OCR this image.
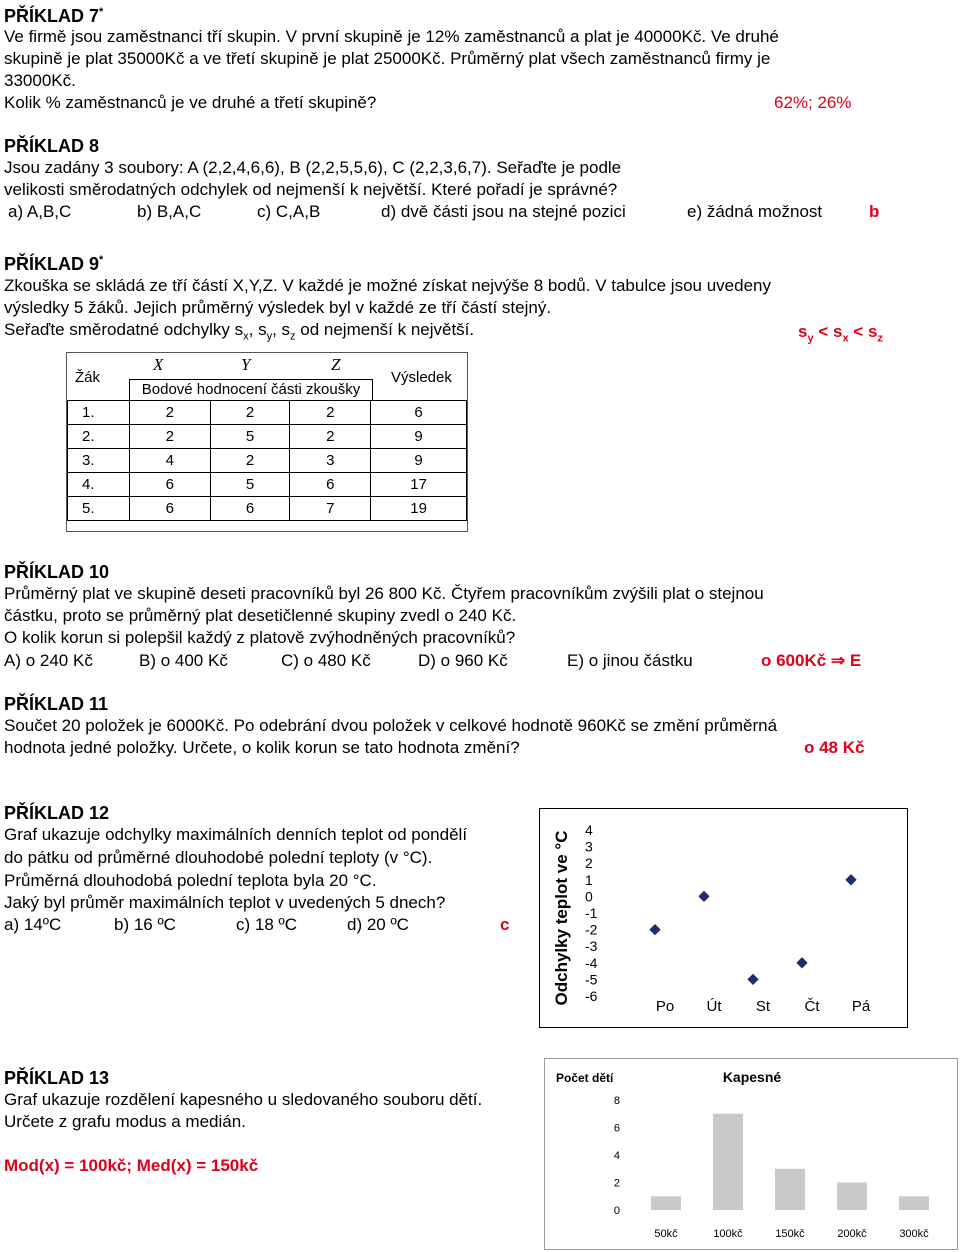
PŘÍKLAD 7*
Ve firmě jsou zaměstnanci tří skupin. V první skupině je 12% zaměstnanců a plat je 40000Kč. Ve druhé
skupině je plat 35000Kč a ve třetí skupině je plat 25000Kč. Průměrný plat všech zaměstnanců firmy je
33000Kč.
Kolik % zaměstnanců je ve druhé a třetí skupině?	62%; 26%
PŘÍKLAD 8
Jsou zadány 3 soubory: A (2,2,4,6,6), B (2,2,5,5,6), C (2,2,3,6,7). Seřaďte je podle
velikosti směrodatných odchylek od nejmenší k největší. Které pořadí je správné?
a) A,B,C	b) B,A,C	c) C,A,B	d) dvě části jsou na stejné pozici	e) žádná možnost	b
PŘÍKLAD 9*
Zkouška se skládá ze tří částí X,Y,Z. V každé je možné získat nejvýše 8 bodů. V tabulce jsou uvedeny
výsledky 5 žáků. Jejich průměrný výsledek byl v každé ze tří částí stejný.
Seřaďte směrodatné odchylky $s_x$, $s_y$, $s_z$ od nejmenší k největší.	$s_y < s_x < s_z$
X	Y	Z
Žák	Výsledek
Bodové hodnocení části zkoušky
1.	2	2	2	6
2.	2	5	2	9
3.	4	2	3	9
4.	6	5	6	17
5.	6	6	7	19
PŘÍKLAD 10
Průměrný plat ve skupině deseti pracovníků byl 26 800 Kč. Čtyřem pracovníkům zvýšili plat o stejnou
částku, proto se průměrný plat desetičlenné skupiny zvedl o 240 Kč.
O kolik korun si polepšil každý z platově zvýhodněných pracovníků?
A) o 240 Kč	B) o 400 Kč	C) o 480 Kč	D) o 960 Kč	E) o jinou částku	o 600Kč ⇒ E
PŘÍKLAD 11
Součet 20 položek je 6000Kč. Po odebrání dvou položek v celkové hodnotě 960Kč se změní průměrná
hodnota jedné položky. Určete, o kolik korun se tato hodnota změní?	o 48 Kč
PŘÍKLAD 12
Graf ukazuje odchylky maximálních denních teplot od pondělí
do pátku od průměrné dlouhodobé polední teploty (v °C).
Průměrná dlouhodobá polední teplota byla 20 °C.
Jaký byl průměr maximálních teplot v uvedených 5 dnech?
a) 14ºC	b) 16 ºC	c) 18 ºC	d) 20 ºC	c	Odchylky teplot ve °C
4
3
2
1
0
-1
-2
-3
-4
-5
-6
Po Út St Čt Pá
PŘÍKLAD 13
Graf ukazuje rozdělení kapesného u sledovaného souboru dětí.
Určete z grafu modus a medián.
Mod(x) = 100kč; Med(x) = 150kč
Počet dětí	Kapesné
8
6
4
2
0
50kč	100kč	150kč	200kč	300kč
